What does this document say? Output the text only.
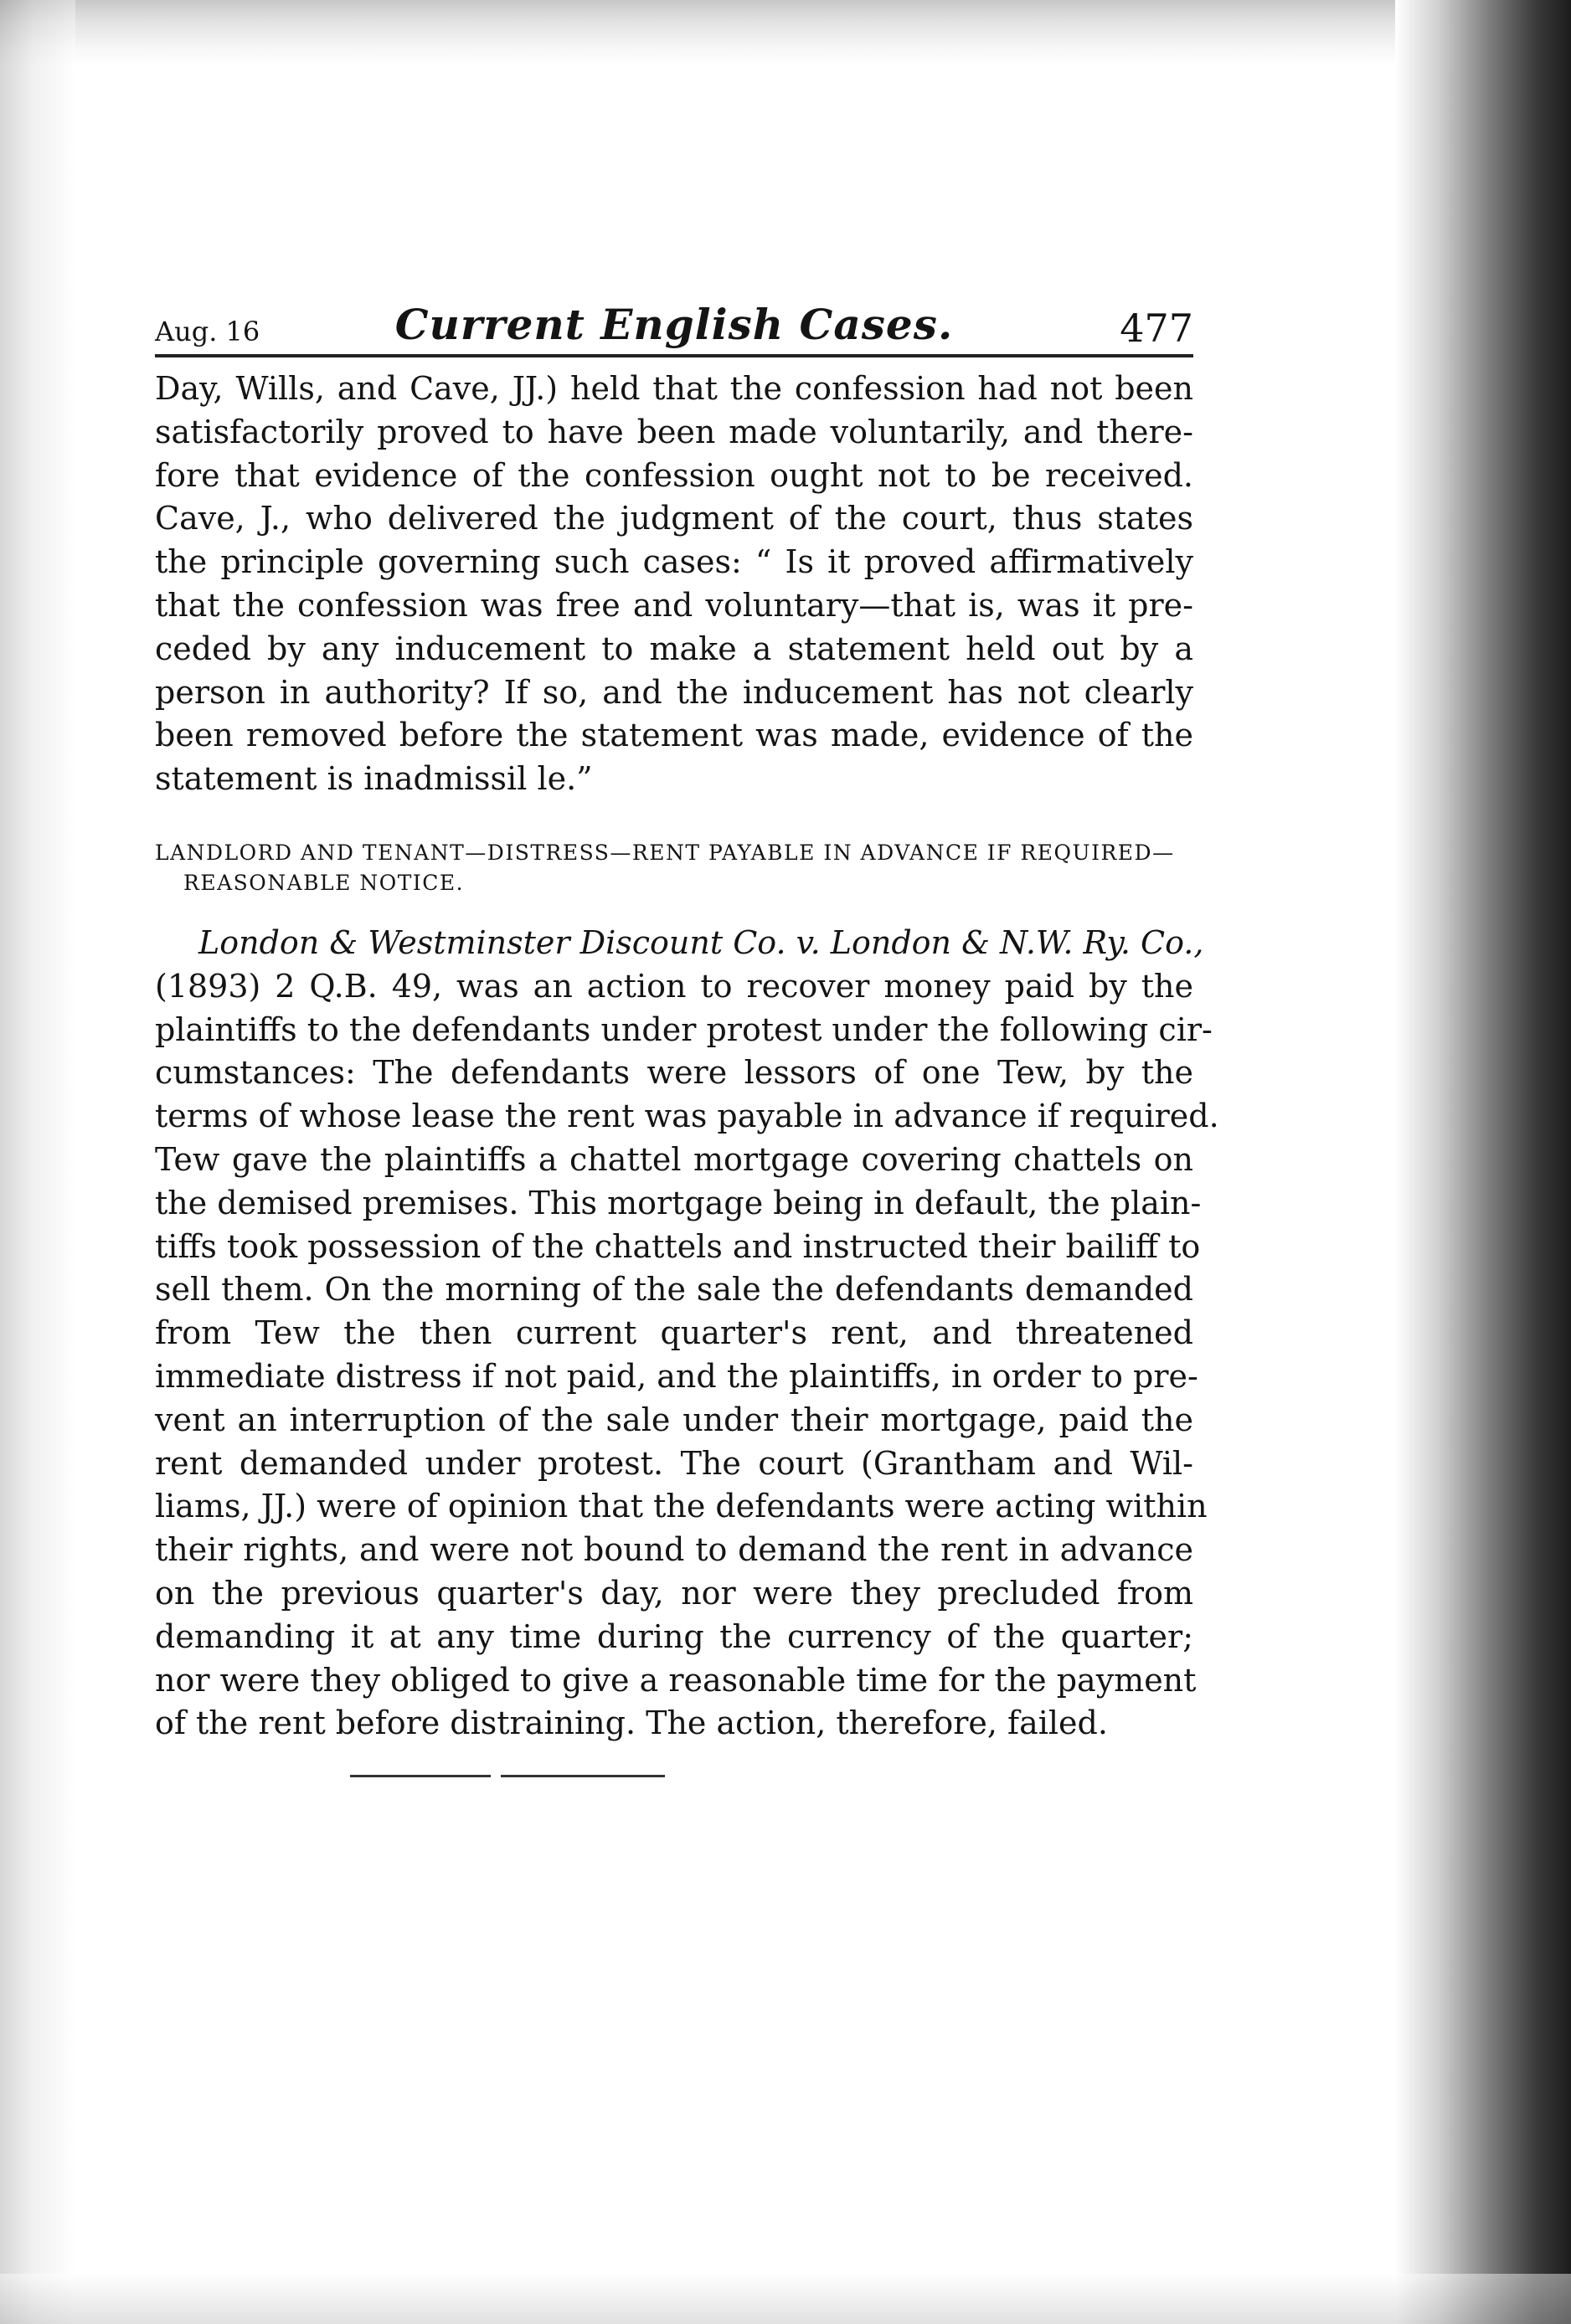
Aug. 16	Current English Cases.	477
Day, Wills, and Cave, JJ.) held that the confession had not been
satisfactorily proved to have been made voluntarily, and there-
fore that evidence of the confession ought not to be received.
Cave, J., who delivered the judgment of the court, thus states
the principle governing such cases: “ Is it proved affirmatively
that the confession was free and voluntary—that is, was it pre-
ceded by any inducement to make a statement held out by a
person in authority? If so, and the inducement has not clearly
been removed before the statement was made, evidence of the
statement is inadmissil le.”
LANDLORD AND TENANT—DISTRESS—RENT PAYABLE IN ADVANCE IF REQUIRED—
REASONABLE NOTICE.
London & Westminster Discount Co. v. London & N.W. Ry. Co.,
(1893) 2 Q.B. 49, was an action to recover money paid by the
plaintiffs to the defendants under protest under the following cir-
cumstances: The defendants were lessors of one Tew, by the
terms of whose lease the rent was payable in advance if required.
Tew gave the plaintiffs a chattel mortgage covering chattels on
the demised premises. This mortgage being in default, the plain-
tiffs took possession of the chattels and instructed their bailiff to
sell them. On the morning of the sale the defendants demanded
from Tew the then current quarter's rent, and threatened
immediate distress if not paid, and the plaintiffs, in order to pre-
vent an interruption of the sale under their mortgage, paid the
rent demanded under protest. The court (Grantham and Wil-
liams, JJ.) were of opinion that the defendants were acting within
their rights, and were not bound to demand the rent in advance
on the previous quarter's day, nor were they precluded from
demanding it at any time during the currency of the quarter;
nor were they obliged to give a reasonable time for the payment
of the rent before distraining. The action, therefore, failed.
